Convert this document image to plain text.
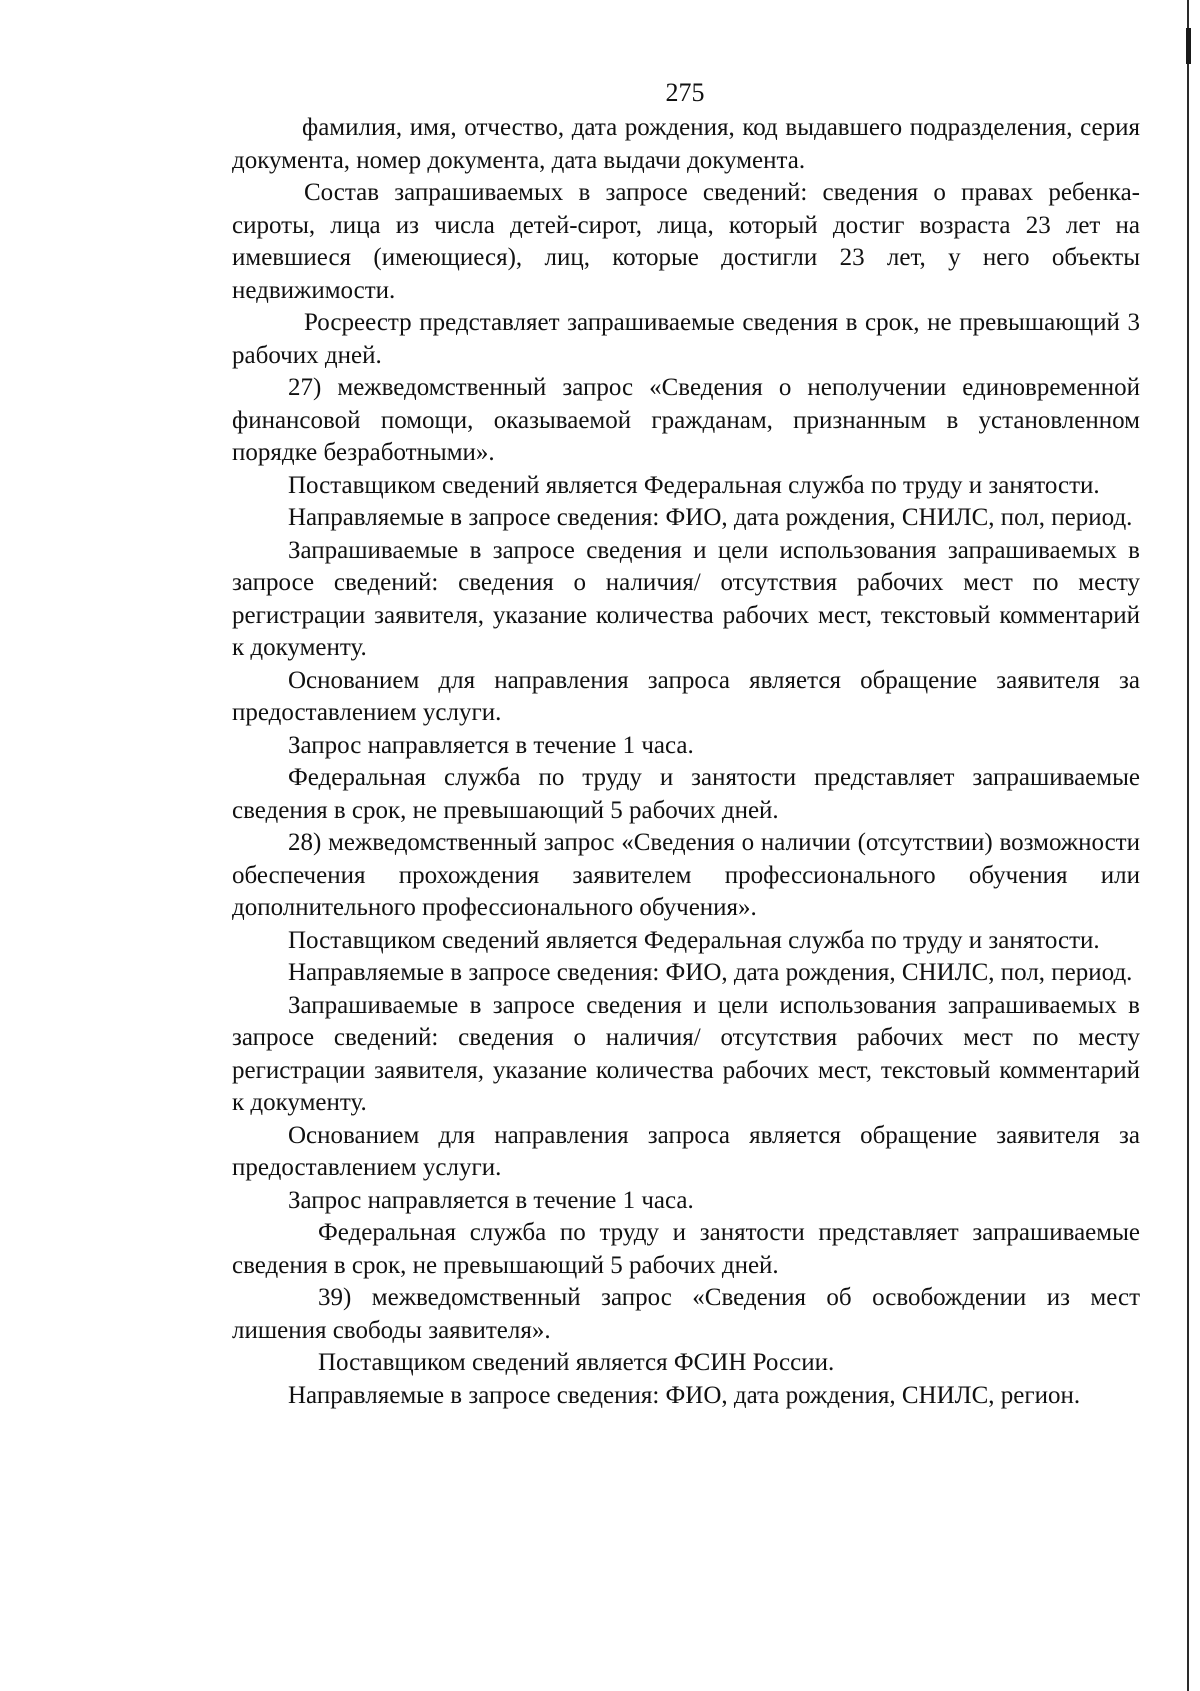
275

фамилия, имя, отчество, дата рождения, код выдавшего подразделения, серия документа, номер документа, дата выдачи документа.

Состав запрашиваемых в запросе сведений: сведения о правах ребенка-сироты, лица из числа детей-сирот, лица, который достиг возраста 23 лет на имевшиеся (имеющиеся), лиц, которые достигли 23 лет, у него объекты недвижимости.

Росреестр представляет запрашиваемые сведения в срок, не превышающий 3 рабочих дней.

27) межведомственный запрос «Сведения о неполучении единовременной финансовой помощи, оказываемой гражданам, признанным в установленном порядке безработными».

Поставщиком сведений является Федеральная служба по труду и занятости.

Направляемые в запросе сведения: ФИО, дата рождения, СНИЛС, пол, период.

Запрашиваемые в запросе сведения и цели использования запрашиваемых в запросе сведений: сведения о наличия/ отсутствия рабочих мест по месту регистрации заявителя, указание количества рабочих мест, текстовый комментарий к документу.

Основанием для направления запроса является обращение заявителя за предоставлением услуги.

Запрос направляется в течение 1 часа.

Федеральная служба по труду и занятости представляет запрашиваемые сведения в срок, не превышающий 5 рабочих дней.

28) межведомственный запрос «Сведения о наличии (отсутствии) возможности обеспечения прохождения заявителем профессионального обучения или дополнительного профессионального обучения».

Поставщиком сведений является Федеральная служба по труду и занятости.

Направляемые в запросе сведения: ФИО, дата рождения, СНИЛС, пол, период.

Запрашиваемые в запросе сведения и цели использования запрашиваемых в запросе сведений: сведения о наличия/ отсутствия рабочих мест по месту регистрации заявителя, указание количества рабочих мест, текстовый комментарий к документу.

Основанием для направления запроса является обращение заявителя за предоставлением услуги.

Запрос направляется в течение 1 часа.

Федеральная служба по труду и занятости представляет запрашиваемые сведения в срок, не превышающий 5 рабочих дней.

39) межведомственный запрос «Сведения об освобождении из мест лишения свободы заявителя».

Поставщиком сведений является ФСИН России.

Направляемые в запросе сведения: ФИО, дата рождения, СНИЛС, регион.
